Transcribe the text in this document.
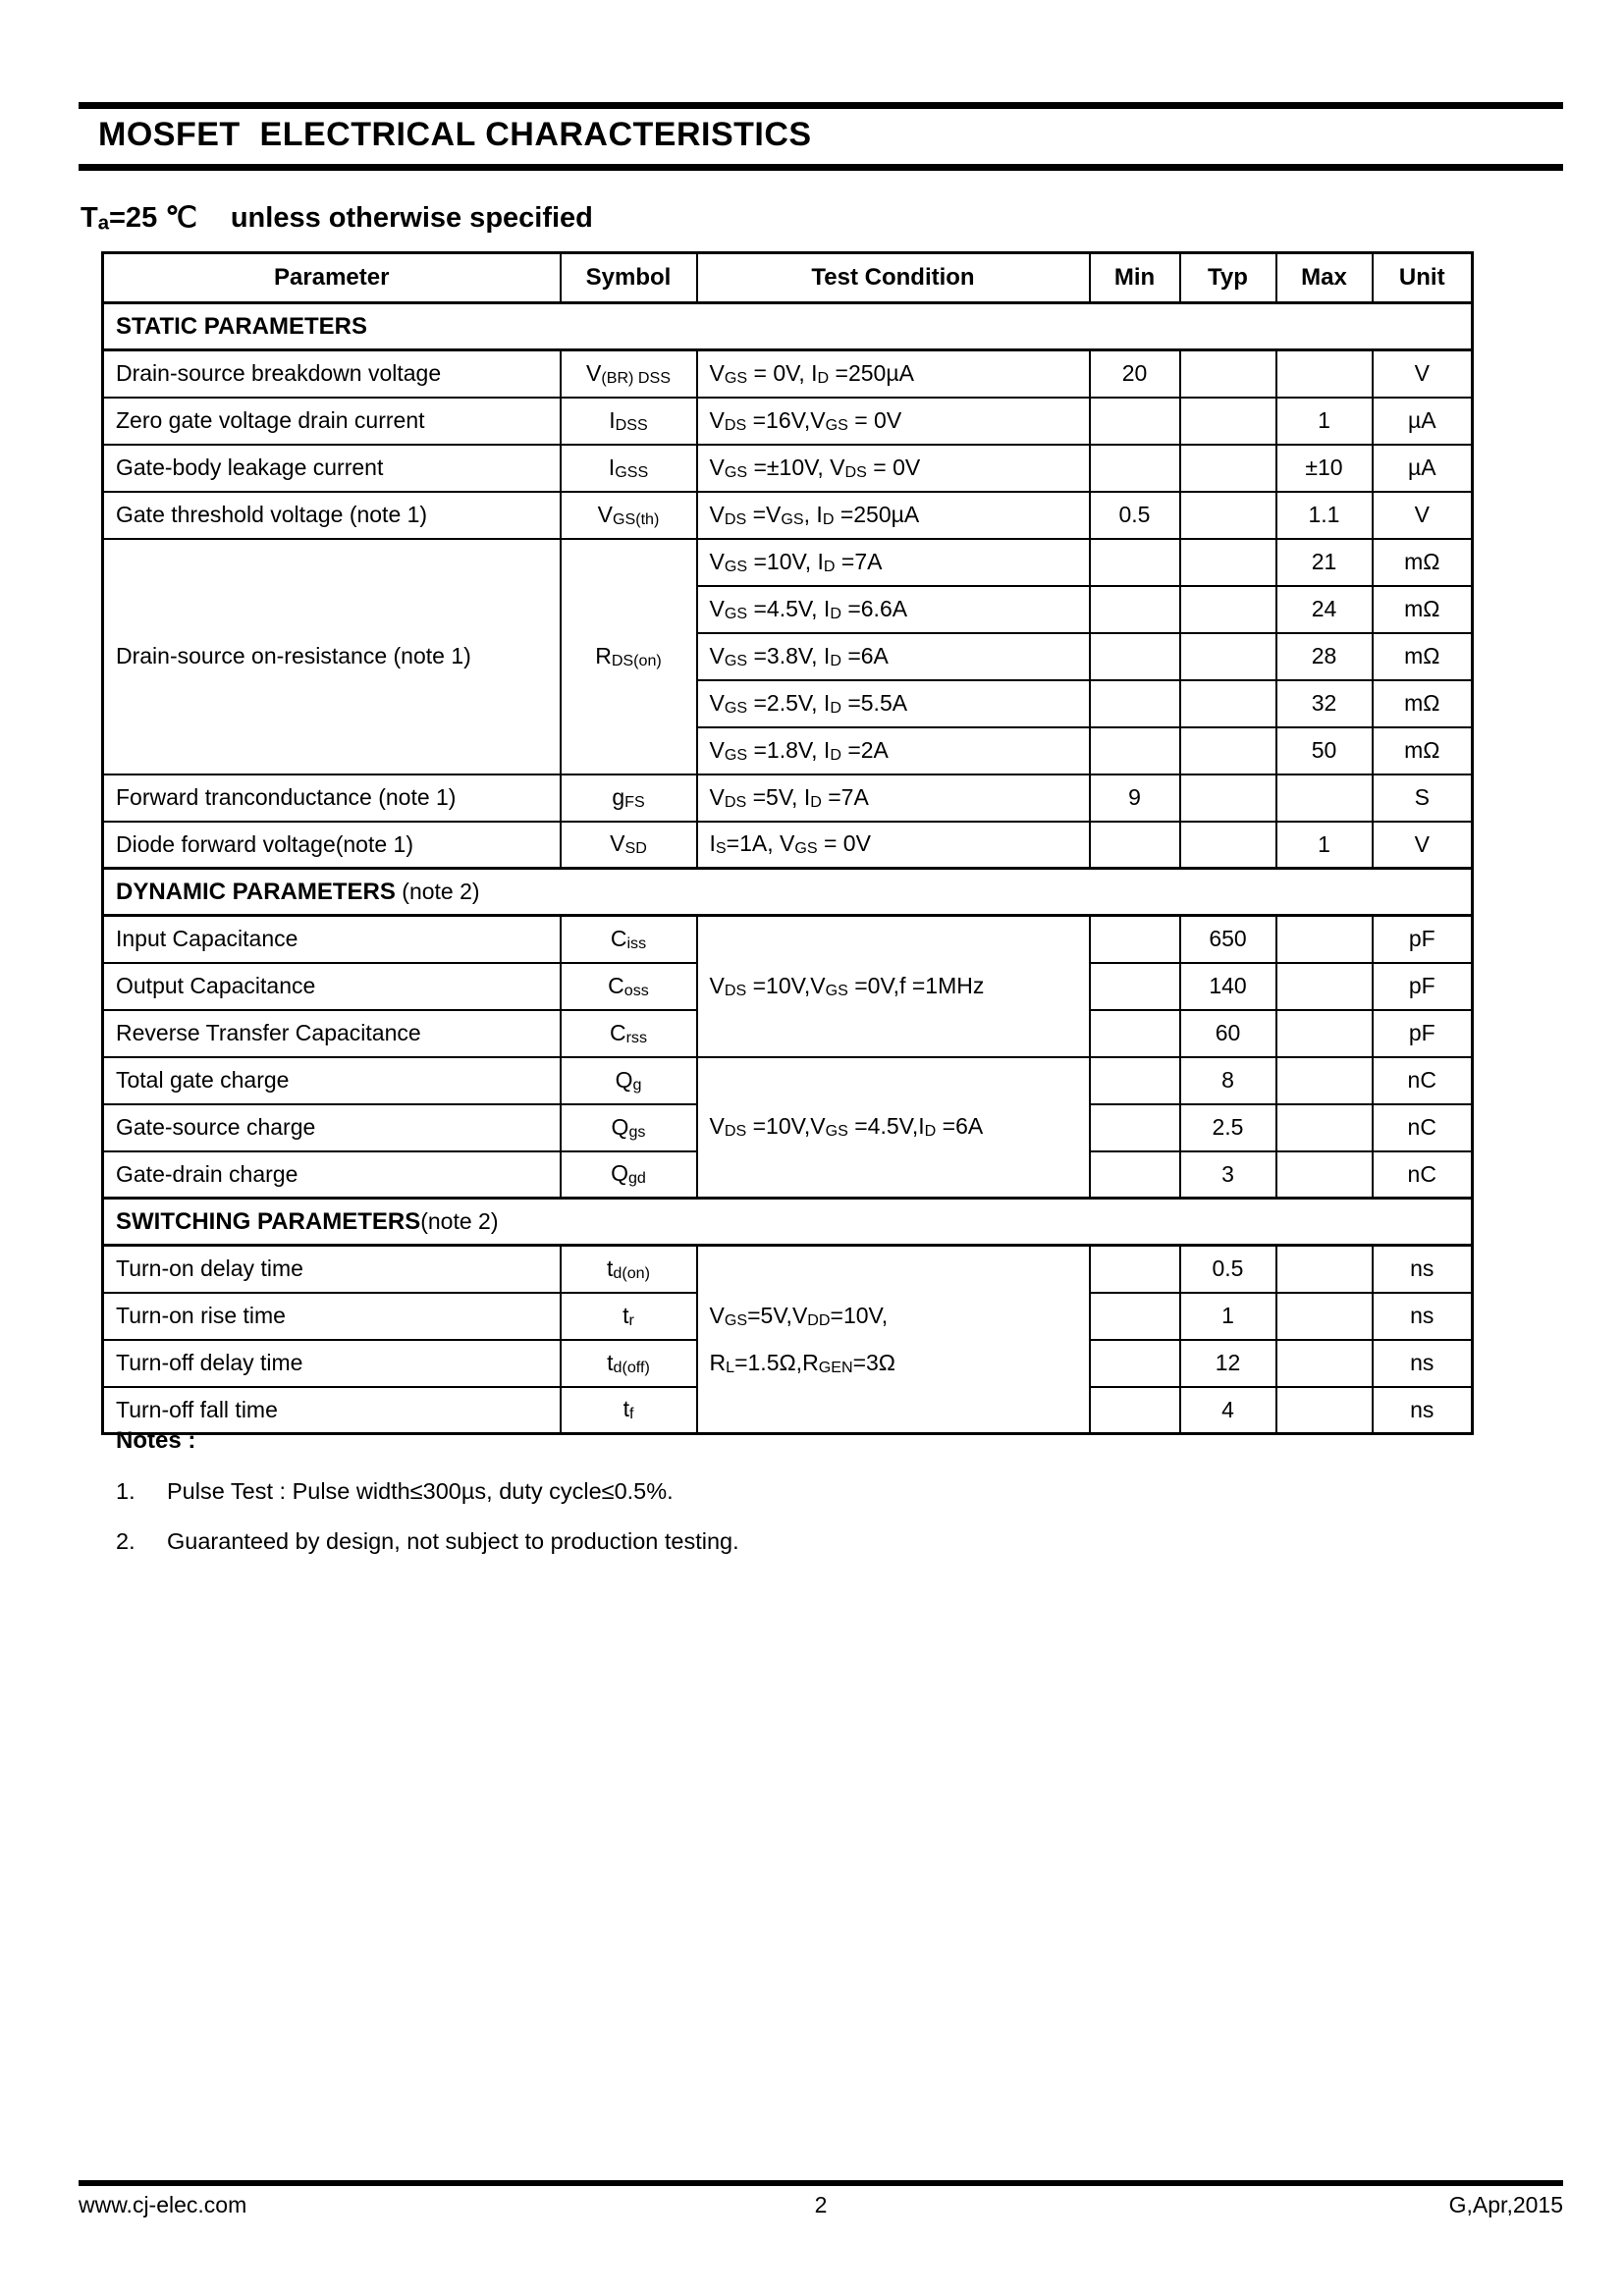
MOSFET  ELECTRICAL CHARACTERISTICS
Ta=25 ℃ unless otherwise specified
Parameter	Symbol	Test Condition	Min	Typ	Max	Unit
STATIC PARAMETERS						
Drain-source breakdown voltage	V(BR) DSS	VGS = 0V, ID =250µA	20			V
Zero gate voltage drain current	IDSS	VDS =16V,VGS = 0V			1	µA
Gate-body leakage current	IGSS	VGS =±10V, VDS = 0V			±10	µA
Gate threshold voltage (note 1)	VGS(th)	VDS =VGS, ID =250µA	0.5		1.1	V
Drain-source on-resistance (note 1)	RDS(on)	VGS =10V, ID =7A			21	mΩ
		VGS =4.5V, ID =6.6A			24	mΩ
		VGS =3.8V, ID =6A			28	mΩ
		VGS =2.5V, ID =5.5A			32	mΩ
		VGS =1.8V, ID =2A			50	mΩ
Forward tranconductance (note 1)	gFS	VDS =5V, ID =7A	9			S
Diode forward voltage(note 1)	VSD	IS=1A, VGS = 0V			1	V
DYNAMIC PARAMETERS (note 2)						
Input Capacitance	Ciss	VDS =10V,VGS =0V,f =1MHz		650		pF
Output Capacitance	Coss			140		pF
Reverse Transfer Capacitance	Crss			60		pF
Total gate charge	Qg	VDS =10V,VGS =4.5V,ID =6A		8		nC
Gate-source charge	Qgs			2.5		nC
Gate-drain charge	Qgd			3		nC
SWITCHING PARAMETERS(note 2)						
Turn-on delay time	td(on)	VGS=5V,VDD=10V,
RL=1.5Ω,RGEN=3Ω		0.5		ns
Turn-on rise time	tr			1		ns
Turn-off delay time	td(off)			12		ns
Turn-off fall time	tf			4		ns
Notes :
1.	Pulse Test : Pulse width≤300µs, duty cycle≤0.5%.
2.	Guaranteed by design, not subject to production testing.
2
www.cj-elec.com	G,Apr,2015
